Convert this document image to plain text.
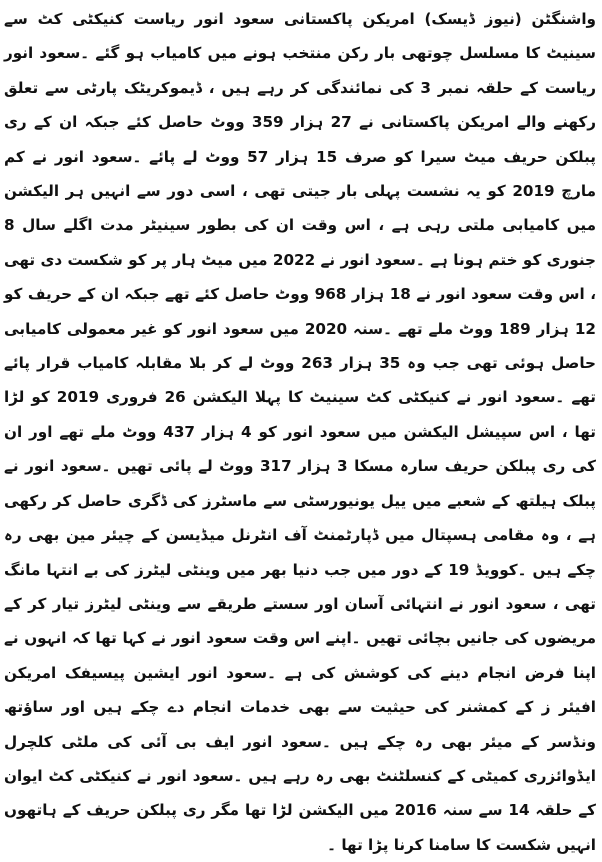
واشنگٹن (نیوز ڈیسک) امریکن پاکستانی سعود انور ریاست کنیکٹی کٹ سے سینیٹ کا مسلسل چوتھی بار رکن منتخب ہونے میں کامیاب ہو گئے ۔سعود انور ریاست کے حلقہ نمبر 3 کی نمائندگی کر رہے ہیں ، ڈیموکریٹک پارٹی سے تعلق رکھنے والے امریکن پاکستانی نے 27 ہزار 359 ووٹ حاصل کئے جبکہ ان کے ری پبلکن حریف میٹ سیرا کو صرف 15 ہزار 57 ووٹ لے پائے ۔سعود انور نے کم مارچ 2019 کو یہ نشست پہلی بار جیتی تھی ، اسی دور سے انہیں ہر الیکشن میں کامیابی ملتی رہی ہے ، اس وقت ان کی بطور سینیٹر مدت اگلے سال 8 جنوری کو ختم ہونا ہے ۔سعود انور نے 2022 میں میٹ ہار پر کو شکست دی تھی ، اس وقت سعود انور نے 18 ہزار 968 ووٹ حاصل کئے تھے جبکہ ان کے حریف کو 12 ہزار 189 ووٹ ملے تھے ۔سنہ 2020 میں سعود انور کو غیر معمولی کامیابی حاصل ہوئی تھی جب وہ 35 ہزار 263 ووٹ لے کر بلا مقابلہ کامیاب قرار پائے تھے ۔سعود انور نے کنیکٹی کٹ سینیٹ کا پہلا الیکشن 26 فروری 2019 کو لڑا تھا ، اس سپیشل الیکشن میں سعود انور کو 4 ہزار 437 ووٹ ملے تھے اور ان کی ری پبلکن حریف سارہ مسکا 3 ہزار 317 ووٹ لے پائی تھیں ۔سعود انور نے پبلک ہیلتھ کے شعبے میں ییل یونیورسٹی سے ماسٹرز کی ڈگری حاصل کر رکھی ہے ، وہ مقامی ہسپتال میں ڈپارٹمنٹ آف انٹرنل میڈیسن کے چیئر مین بھی رہ چکے ہیں ۔کوویڈ 19 کے دور میں جب دنیا بھر میں وینٹی لیٹرز کی بے انتہا مانگ تھی ، سعود انور نے انتہائی آسان اور سستے طریقے سے وینٹی لیٹرز تیار کر کے مریضوں کی جانیں بچائی تھیں ۔اپنے اس وقت سعود انور نے کہا تھا کہ انہوں نے اپنا فرض انجام دینے کی کوشش کی ہے ۔سعود انور ایشین پیسیفک امریکن افیئر ز کے کمشنر کی حیثیت سے بھی خدمات انجام دے چکے ہیں اور ساؤتھ ونڈسر کے میئر بھی رہ چکے ہیں ۔سعود انور ایف بی آئی کی ملٹی کلچرل ایڈوائزری کمیٹی کے کنسلٹنٹ بھی رہ رہے ہیں ۔سعود انور نے کنیکٹی کٹ ایوان کے حلقہ 14 سے سنہ 2016 میں الیکشن لڑا تھا مگر ری پبلکن حریف کے ہاتھوں انہیں شکست کا سامنا کرنا پڑا تھا ۔
